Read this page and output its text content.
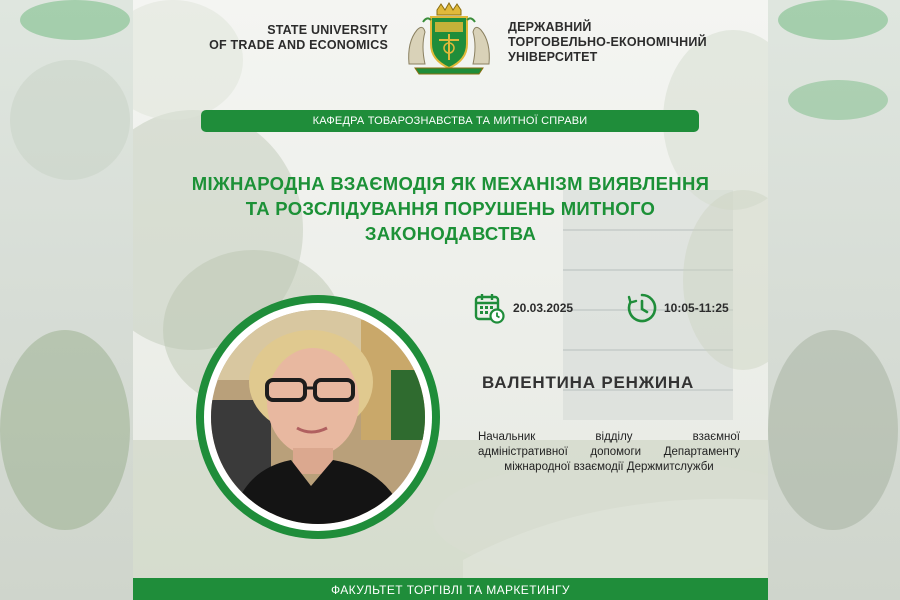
STATE UNIVERSITY
OF TRADE AND ECONOMICS
ДЕРЖАВНИЙ
ТОРГОВЕЛЬНО-ЕКОНОМІЧНИЙ
УНІВЕРСИТЕТ
КАФЕДРА ТОВАРОЗНАВСТВА ТА МИТНОЇ СПРАВИ
МІЖНАРОДНА ВЗАЄМОДІЯ ЯК МЕХАНІЗМ ВИЯВЛЕННЯ
ТА РОЗСЛІДУВАННЯ ПОРУШЕНЬ МИТНОГО
ЗАКОНОДАВСТВА
20.03.2025	10:05-11:25
ВАЛЕНТИНА РЕНЖИНА
Начальник відділу взаємної
адміністративної допомоги Департаменту
міжнародної взаємодії Держмитслужби
ФАКУЛЬТЕТ ТОРГІВЛІ ТА МАРКЕТИНГУ
